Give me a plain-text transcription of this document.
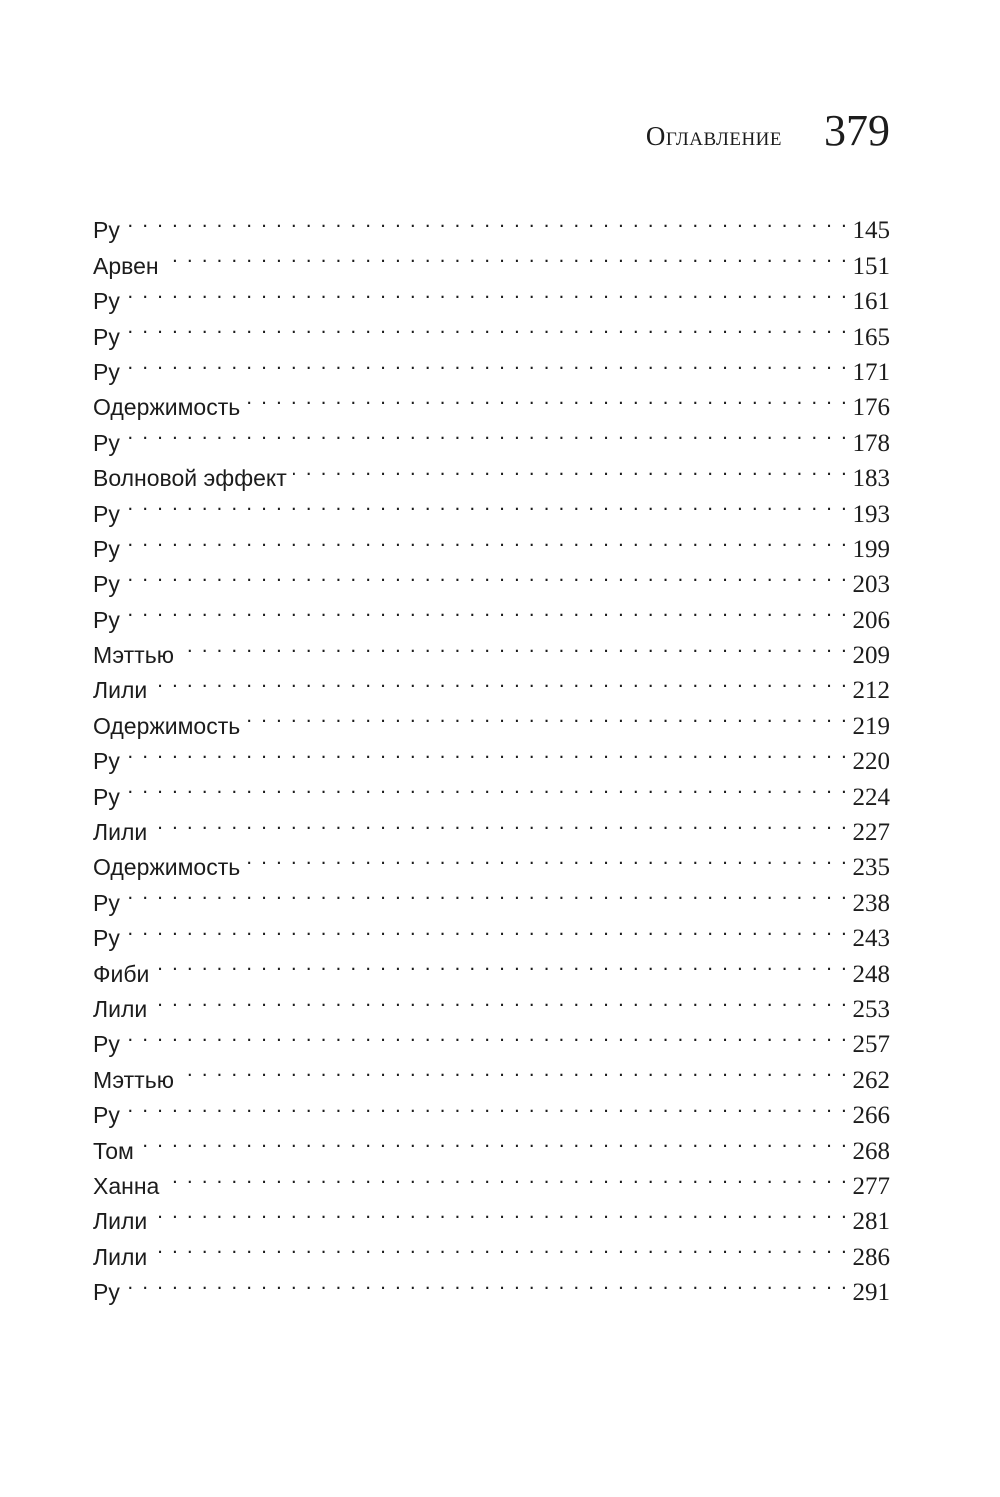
Оглавление 379
Ру . . .	145
Арвен . . .	151
Ру . . .	161
Ру . . .	165
Ру . . .	171
Одержимость . . .	176
Ру . . .	178
Волновой эффект . . .	183
Ру . . .	193
Ру . . .	199
Ру . . .	203
Ру . . .	206
Мэттью . . .	209
Лили . . .	212
Одержимость . . .	219
Ру . . .	220
Ру . . .	224
Лили . . .	227
Одержимость . . .	235
Ру . . .	238
Ру . . .	243
Фиби . . .	248
Лили . . .	253
Ру . . .	257
Мэттью . . .	262
Ру . . .	266
Том . . .	268
Ханна . . .	277
Лили . . .	281
Лили . . .	286
Ру . . .	291
